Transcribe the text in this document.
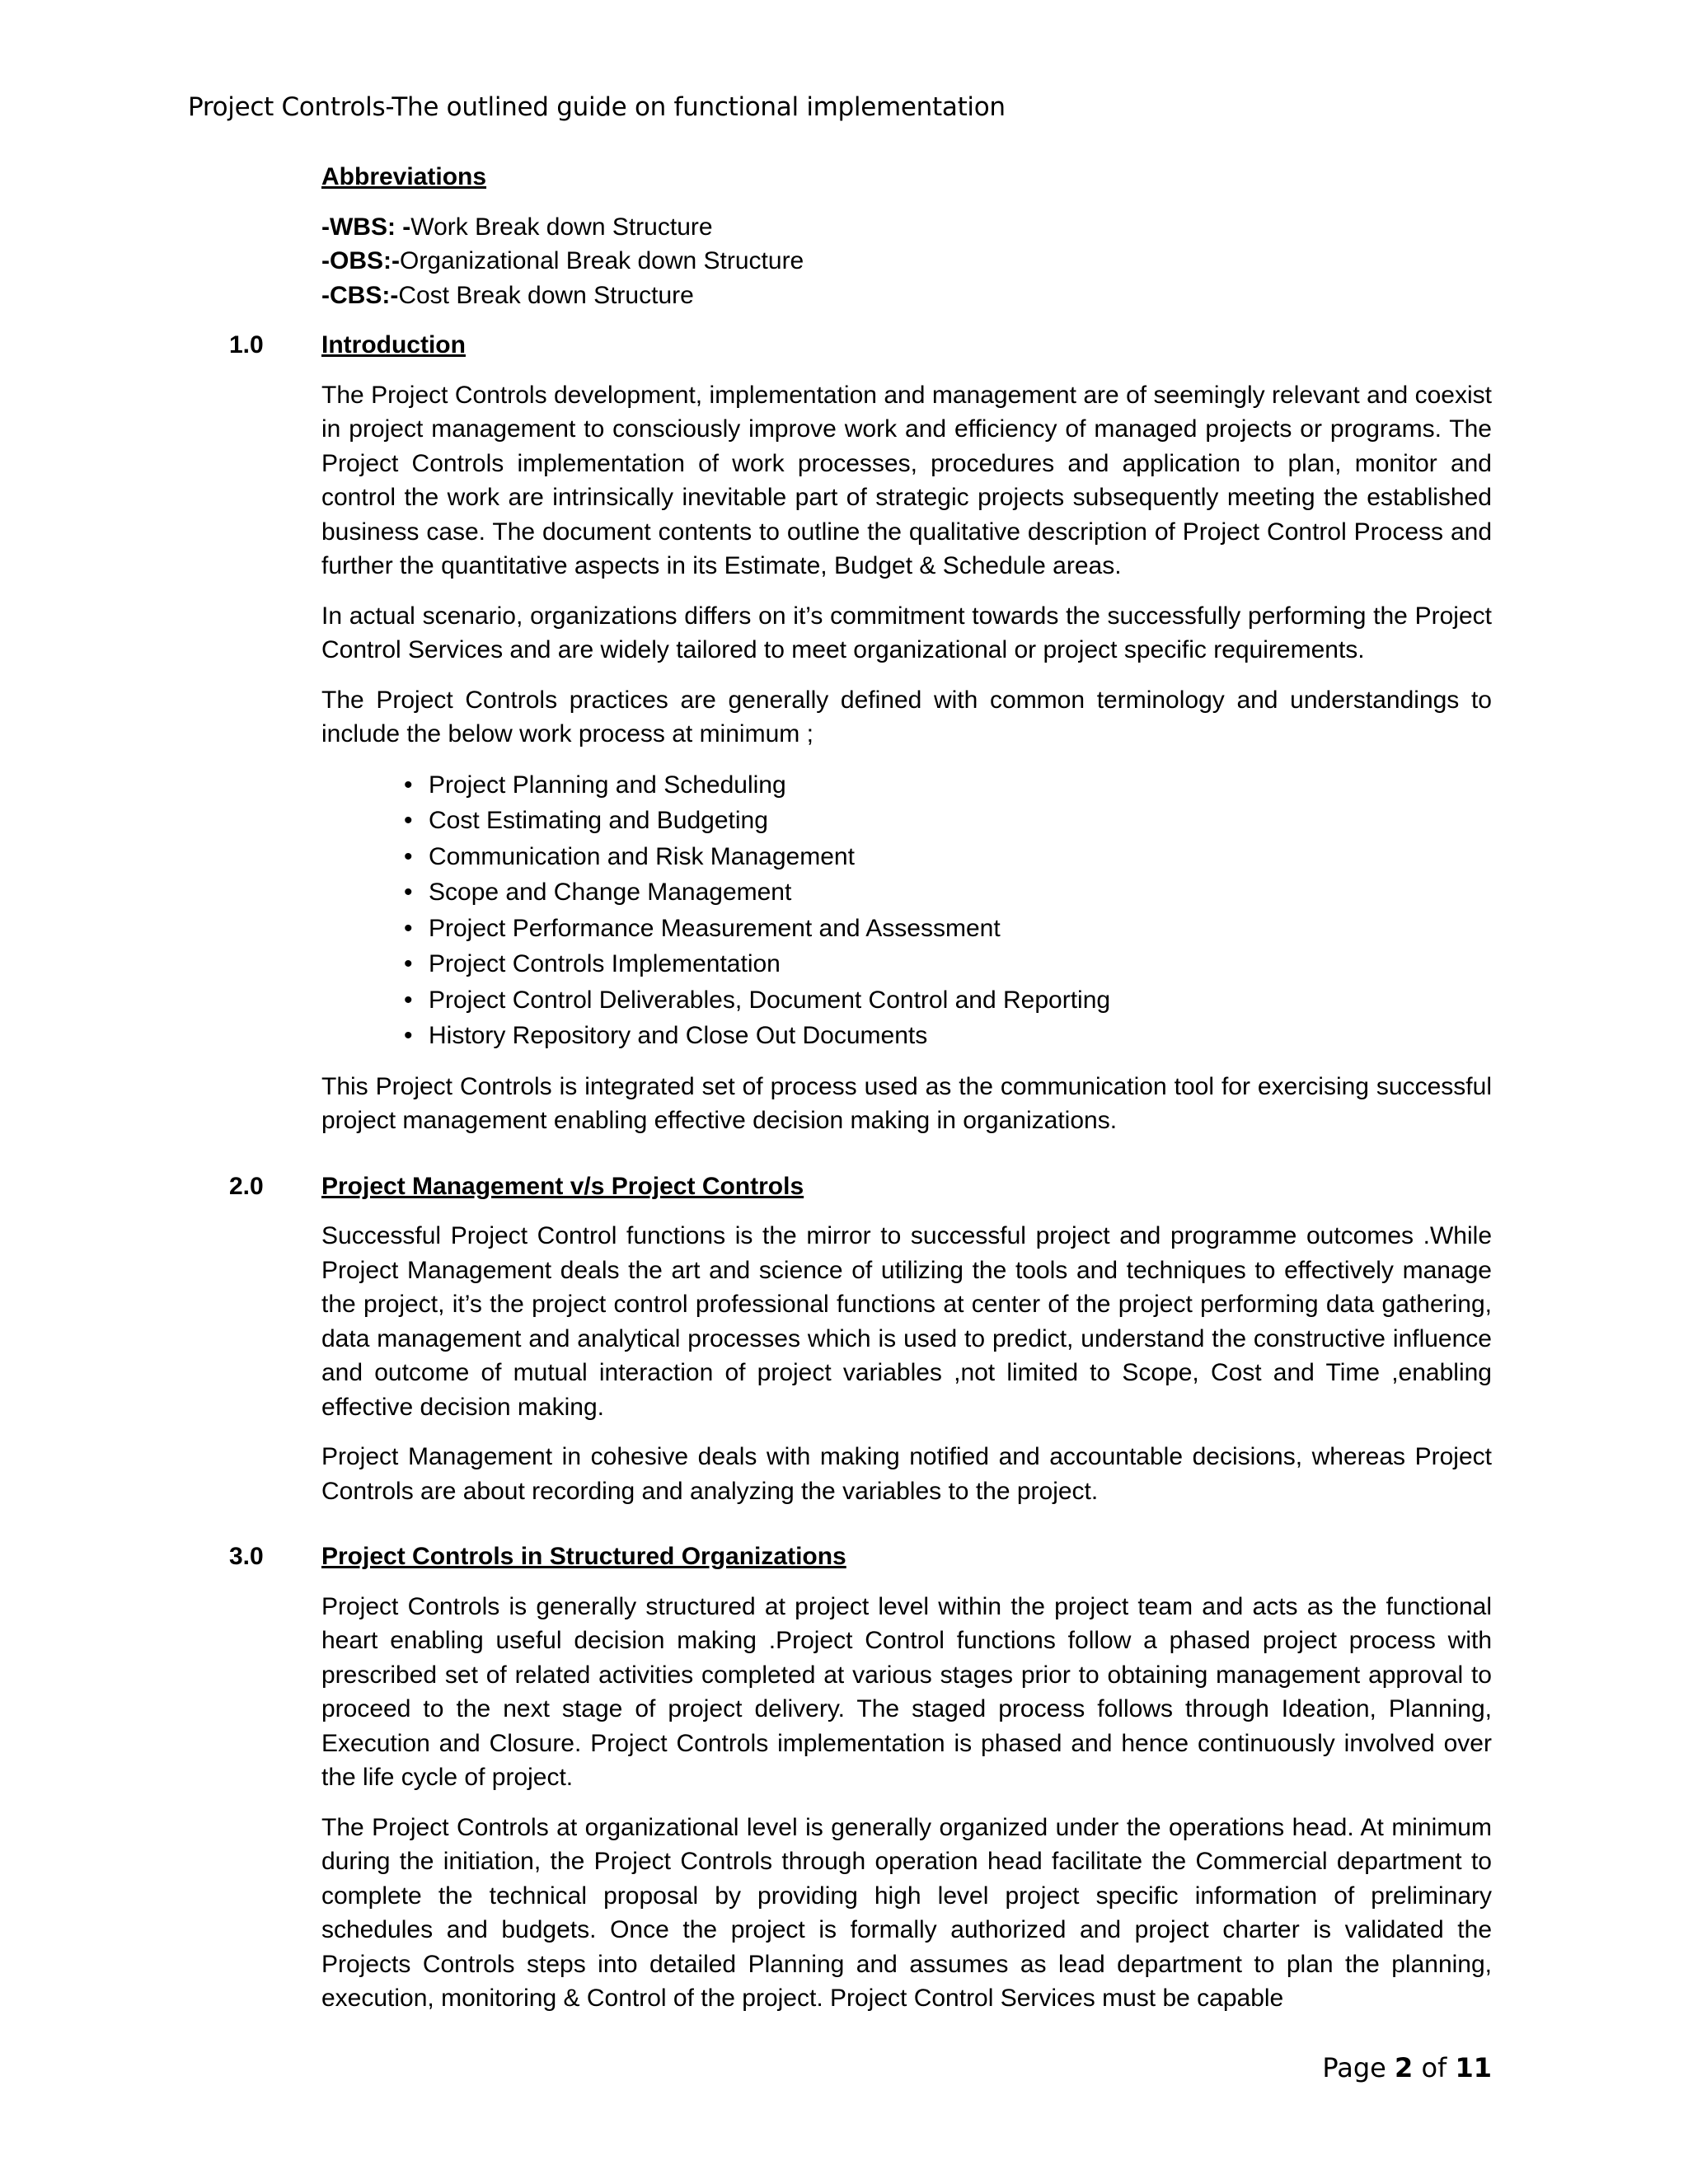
Project Controls-The outlined guide on functional implementation
Abbreviations
-WBS: -Work Break down Structure
-OBS:-Organizational Break down Structure
-CBS:-Cost Break down Structure
1.0 Introduction

The Project Controls development, implementation and management are of seemingly relevant and coexist in project management to consciously improve work and efficiency of managed projects or programs. The Project Controls implementation of work processes, procedures and application to plan, monitor and control the work are intrinsically inevitable part of strategic projects subsequently meeting the established business case. The document contents to outline the qualitative description of Project Control Process and further the quantitative aspects in its Estimate, Budget & Schedule areas.

In actual scenario, organizations differs on it’s commitment towards the successfully performing the Project Control Services and are widely tailored to meet organizational or project specific requirements.

The Project Controls practices are generally defined with common terminology and understandings to include the below work process at minimum ;

• Project Planning and Scheduling
• Cost Estimating and Budgeting
• Communication and Risk Management
• Scope and Change Management
• Project Performance Measurement and Assessment
• Project Controls Implementation
• Project Control Deliverables, Document Control and Reporting
• History Repository and Close Out Documents

This Project Controls is integrated set of process used as the communication tool for exercising successful project management enabling effective decision making in organizations.

2.0 Project Management v/s Project Controls

Successful Project Control functions is the mirror to successful project and programme outcomes .While Project Management deals the art and science of utilizing the tools and techniques to effectively manage the project, it’s the project control professional functions at center of the project performing data gathering, data management and analytical processes which is used to predict, understand the constructive influence and outcome of mutual interaction of project variables ,not limited to Scope, Cost and Time ,enabling effective decision making.

Project Management in cohesive deals with making notified and accountable decisions, whereas Project Controls are about recording and analyzing the variables to the project.

3.0 Project Controls in Structured Organizations

Project Controls is generally structured at project level within the project team and acts as the functional heart enabling useful decision making .Project Control functions follow a phased project process with prescribed set of related activities completed at various stages prior to obtaining management approval to proceed to the next stage of project delivery. The staged process follows through Ideation, Planning, Execution and Closure. Project Controls implementation is phased and hence continuously involved over the life cycle of project.

The Project Controls at organizational level is generally organized under the operations head. At minimum during the initiation, the Project Controls through operation head facilitate the Commercial department to complete the technical proposal by providing high level project specific information of preliminary schedules and budgets. Once the project is formally authorized and project charter is validated the Projects Controls steps into detailed Planning and assumes as lead department to plan the planning, execution, monitoring & Control of the project. Project Control Services must be capable

Page 2 of 11
